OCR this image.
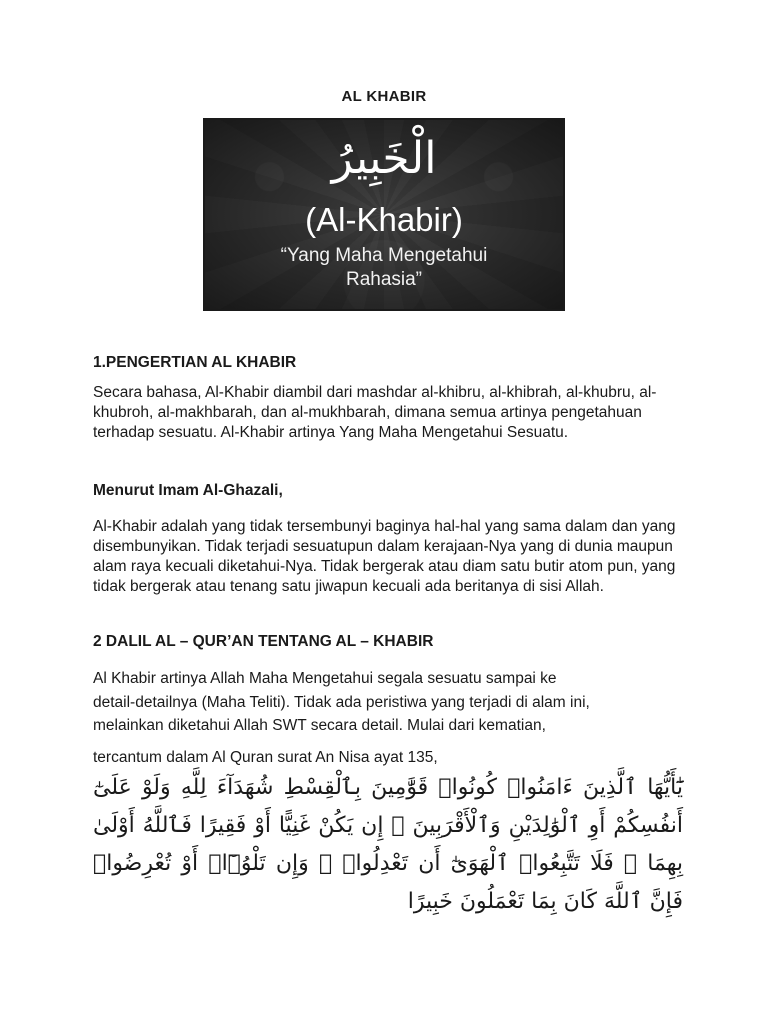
AL KHABIR
الْخَبِيرُ
(Al-Khabir)
“Yang Maha Mengetahui
Rahasia”
1.PENGERTIAN AL KHABIR
Secara bahasa, Al-Khabir diambil dari mashdar al-khibru, al-khibrah, al-khubru, al-khubroh, al-makhbarah, dan al-mukhbarah, dimana semua artinya pengetahuan terhadap sesuatu. Al-Khabir artinya Yang Maha Mengetahui Sesuatu.
Menurut Imam Al-Ghazali,
Al-Khabir adalah yang tidak tersembunyi baginya hal-hal yang sama dalam dan yang disembunyikan. Tidak terjadi sesuatupun dalam kerajaan-Nya yang di dunia maupun alam raya kecuali diketahui-Nya. Tidak bergerak atau diam satu butir atom pun, yang tidak bergerak atau tenang satu jiwapun kecuali ada beritanya di sisi Allah.
2 DALIL AL – QUR’AN TENTANG AL – KHABIR
Al Khabir artinya Allah Maha Mengetahui segala sesuatu sampai ke
detail-detailnya (Maha Teliti). Tidak ada peristiwa yang terjadi di alam ini,
melainkan diketahui Allah SWT secara detail. Mulai dari kematian,
tercantum dalam Al Quran surat An Nisa ayat 135,
يَٰٓأَيُّهَا ٱلَّذِينَ ءَامَنُوا۟ كُونُوا۟ قَوَّٰمِينَ بِٱلْقِسْطِ شُهَدَآءَ لِلَّهِ وَلَوْ عَلَىٰٓ أَنفُسِكُمْ أَوِ ٱلْوَٰلِدَيْنِ وَٱلْأَقْرَبِينَ ۚ إِن يَكُنْ غَنِيًّا أَوْ فَقِيرًا فَٱللَّهُ أَوْلَىٰ بِهِمَا ۖ فَلَا تَتَّبِعُوا۟ ٱلْهَوَىٰٓ أَن تَعْدِلُوا۟ ۚ وَإِن تَلْوُۥٓا۟ أَوْ تُعْرِضُوا۟ فَإِنَّ ٱللَّهَ كَانَ بِمَا تَعْمَلُونَ خَبِيرًا
